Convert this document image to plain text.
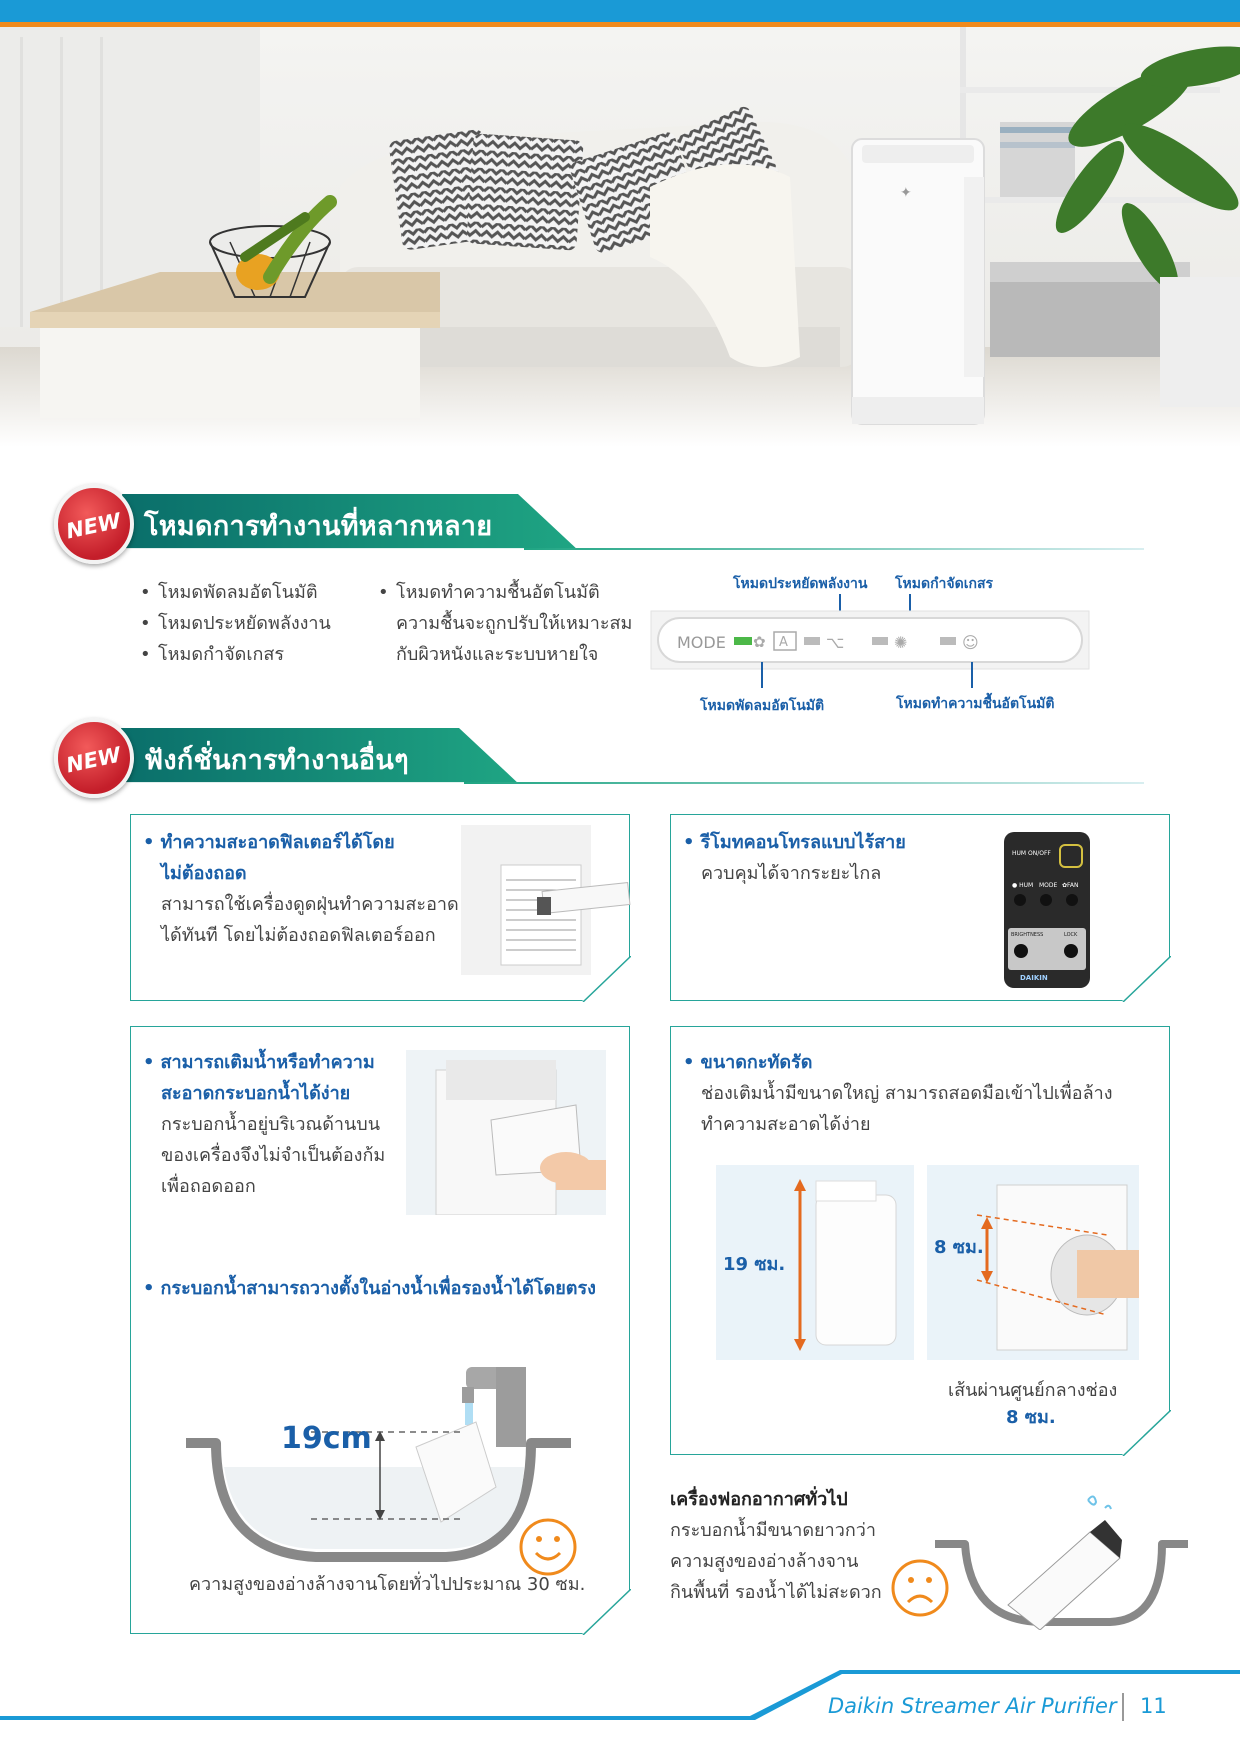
✦
NEW โหมดการทำงานที่หลากหลาย
• โหมดพัดลมอัตโนมัติ
• โหมดประหยัดพลังงาน
• โหมดกำจัดเกสร
• โหมดทำความชื้นอัตโนมัติ
ความชื้นจะถูกปรับให้เหมาะสม
กับผิวหนังและระบบหายใจ
โหมดประหยัดพลังงาน โหมดกำจัดเกสร
✿ A ⌥	✺	☺
MODE
โหมดพัดลมอัตโนมัติ	โหมดทำความชื้นอัตโนมัติ
NEW ฟังก์ชั่นการทำงานอื่นๆ
• ทำความสะอาดฟิลเตอร์ได้โดย
ไม่ต้องถอด
สามารถใช้เครื่องดูดฝุ่นทำความสะอาด
ได้ทันที โดยไม่ต้องถอดฟิลเตอร์ออก
• รีโมทคอนโทรลแบบไร้สาย
ควบคุมได้จากระยะไกล
HUM ON/OFF
● HUM MODE ✿FAN
BRIGHTNESS	LOCK
DAIKIN
• สามารถเติมน้ำหรือทำความ
สะอาดกระบอกน้ำได้ง่าย
กระบอกน้ำอยู่บริเวณด้านบน
ของเครื่องจึงไม่จำเป็นต้องก้ม
เพื่อถอดออก
• กระบอกน้ำสามารถวางตั้งในอ่างน้ำเพื่อรองน้ำได้โดยตรง
19cm
ความสูงของอ่างล้างจานโดยทั่วไปประมาณ 30 ซม.
• ขนาดกะทัดรัด
ช่องเติมน้ำมีขนาดใหญ่ สามารถสอดมือเข้าไปเพื่อล้าง
ทำความสะอาดได้ง่าย
19 ซม.
8 ซม.
เส้นผ่านศูนย์กลางช่อง
8 ซม.
เครื่องฟอกอากาศทั่วไป
กระบอกน้ำมีขนาดยาวกว่า
ความสูงของอ่างล้างจาน
กินพื้นที่ รองน้ำได้ไม่สะดวก
Daikin Streamer Air Purifier 11
